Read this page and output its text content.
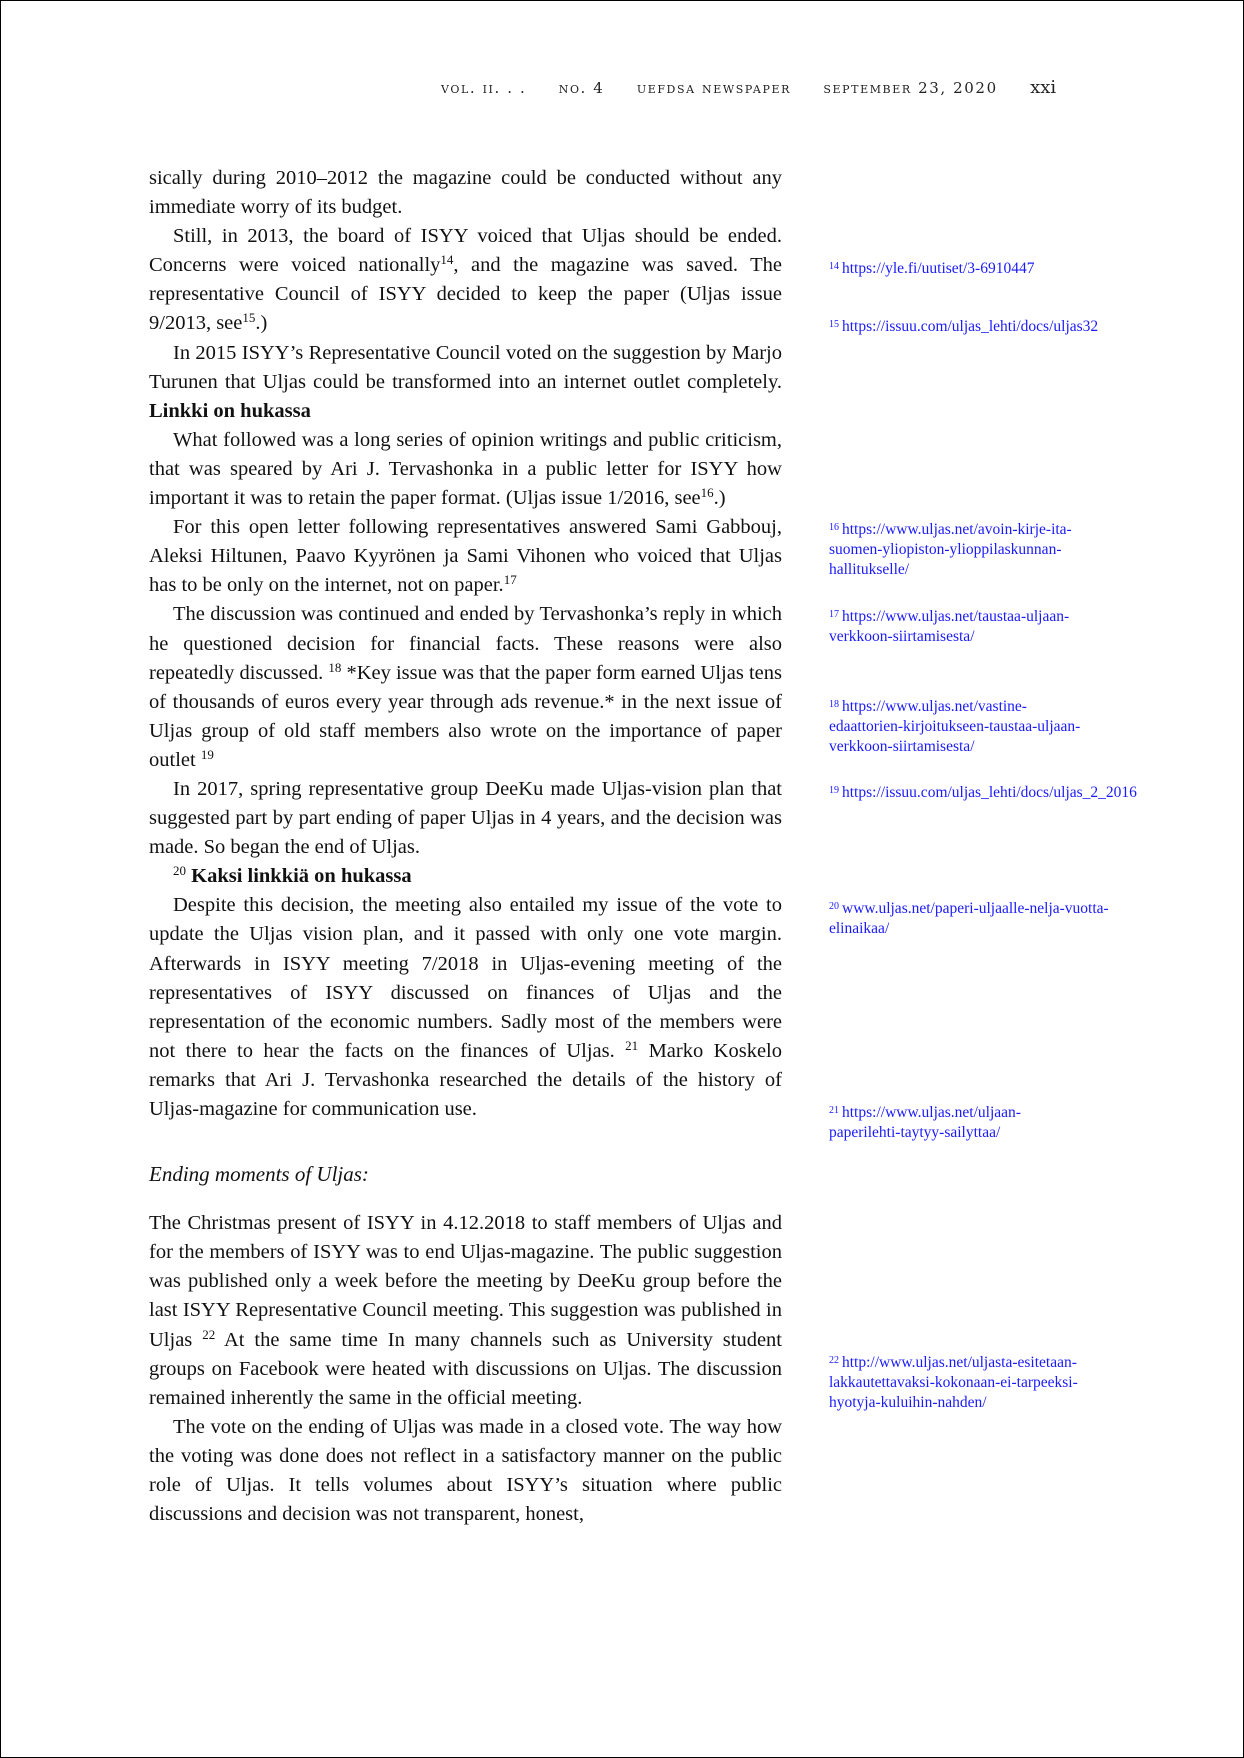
vol. ii. . . no. 4 uefdsa newspaper september 23, 2020 xxi

sically during 2010–2012 the magazine could be conducted without any immediate worry of its budget.

Still, in 2013, the board of ISYY voiced that Uljas should be ended. Concerns were voiced nationally$^{14}$, and the magazine was saved. The representative Council of ISYY decided to keep the paper (Uljas issue 9/2013, see$^{15}$.)

In 2015 ISYY’s Representative Council voted on the suggestion by Marjo Turunen that Uljas could be transformed into an internet outlet completely. Linkki on hukassa

What followed was a long series of opinion writings and public criticism, that was speared by Ari J. Tervashonka in a public letter for ISYY how important it was to retain the paper format. (Uljas issue 1/2016, see$^{16}$.)

For this open letter following representatives answered Sami Gabbouj, Aleksi Hiltunen, Paavo Kyyrönen ja Sami Vihonen who voiced that Uljas has to be only on the internet, not on paper.$^{17}$

The discussion was continued and ended by Tervashonka’s reply in which he questioned decision for financial facts. These reasons were also repeatedly discussed. $^{18}$ *Key issue was that the paper form earned Uljas tens of thousands of euros every year through ads revenue.* in the next issue of Uljas group of old staff members also wrote on the importance of paper outlet $^{19}$

In 2017, spring representative group DeeKu made Uljas-vision plan that suggested part by part ending of paper Uljas in 4 years, and the decision was made. So began the end of Uljas.

$^{20}$ Kaksi linkkiä on hukassa

Despite this decision, the meeting also entailed my issue of the vote to update the Uljas vision plan, and it passed with only one vote margin. Afterwards in ISYY meeting 7/2018 in Uljas-evening meeting of the representatives of ISYY discussed on finances of Uljas and the representation of the economic numbers. Sadly most of the members were not there to hear the facts on the finances of Uljas. $^{21}$ Marko Koskelo remarks that Ari J. Tervashonka researched the details of the history of Uljas-magazine for communication use.

Ending moments of Uljas:

The Christmas present of ISYY in 4.12.2018 to staff members of Uljas and for the members of ISYY was to end Uljas-magazine. The public suggestion was published only a week before the meeting by DeeKu group before the last ISYY Representative Council meeting. This suggestion was published in Uljas $^{22}$ At the same time In many channels such as University student groups on Facebook were heated with discussions on Uljas. The discussion remained inherently the same in the official meeting.

The vote on the ending of Uljas was made in a closed vote. The way how the voting was done does not reflect in a satisfactory manner on the public role of Uljas. It tells volumes about ISYY’s situation where public discussions and decision was not transparent, honest,

$^{14}$ https://yle.fi/uutiset/3-6910447
$^{15}$ https://issuu.com/uljas_lehti/docs/uljas32
$^{16}$ https://www.uljas.net/avoin-kirje-ita-suomen-yliopiston-ylioppilaskunnan-hallitukselle/
$^{17}$ https://www.uljas.net/taustaa-uljaan-verkkoon-siirtamisesta/
$^{18}$ https://www.uljas.net/vastine-edaattorien-kirjoitukseen-taustaa-uljaan-verkkoon-siirtamisesta/
$^{19}$ https://issuu.com/uljas_lehti/docs/uljas_2_2016
$^{20}$ www.uljas.net/paperi-uljaalle-nelja-vuotta-elinaikaa/
$^{21}$ https://www.uljas.net/uljaan-paperilehti-taytyy-sailyttaa/
$^{22}$ http://www.uljas.net/uljasta-esitetaan-lakkautettavaksi-kokonaan-ei-tarpeeksi-hyotyja-kuluihin-nahden/
